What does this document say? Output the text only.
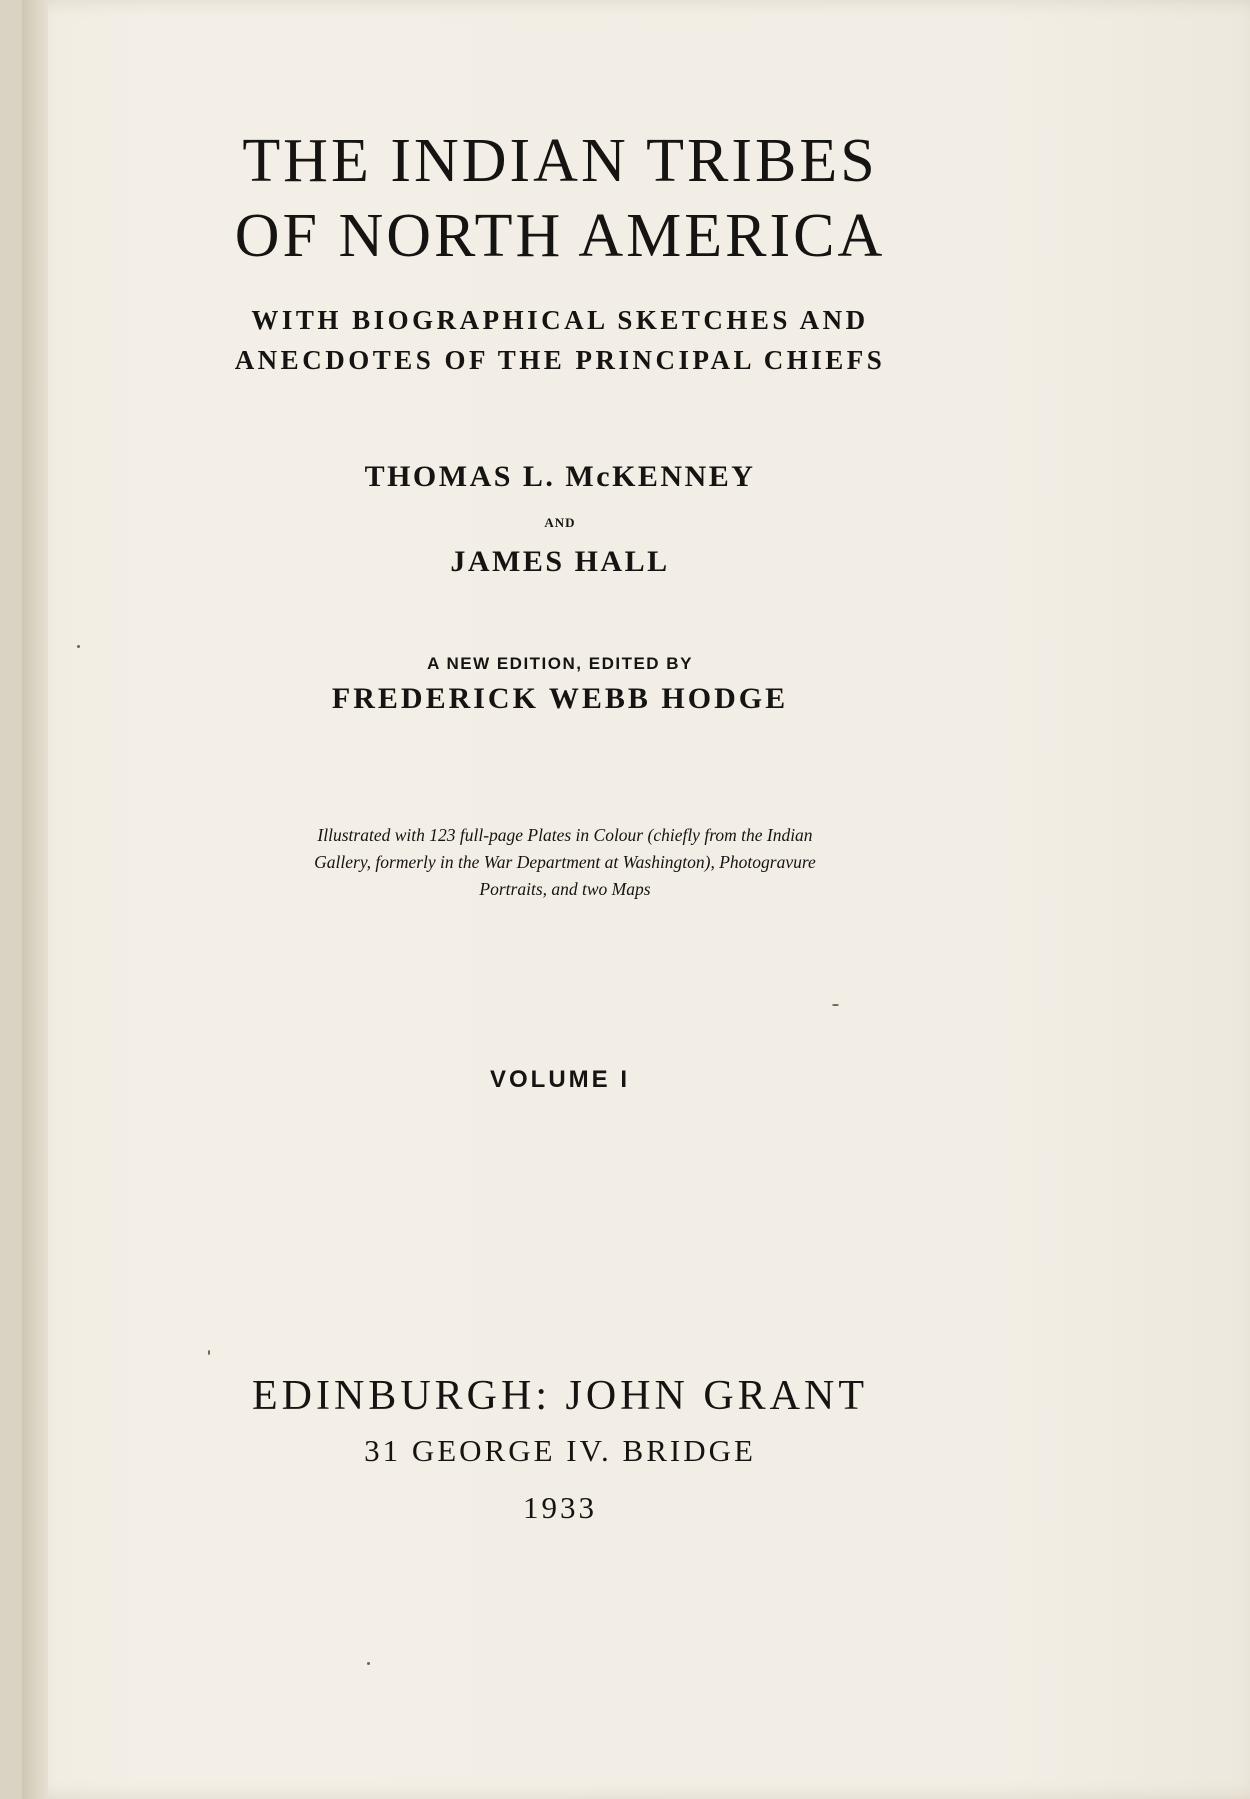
THE INDIAN TRIBES
OF NORTH AMERICA
WITH BIOGRAPHICAL SKETCHES AND
ANECDOTES OF THE PRINCIPAL CHIEFS
THOMAS L. McKENNEY
AND
JAMES HALL
A NEW EDITION, EDITED BY
FREDERICK WEBB HODGE
Illustrated with 123 full-page Plates in Colour (chiefly from the Indian
Gallery, formerly in the War Department at Washington), Photogravure
Portraits, and two Maps
VOLUME I
EDINBURGH: JOHN GRANT
31 GEORGE IV. BRIDGE
1933
